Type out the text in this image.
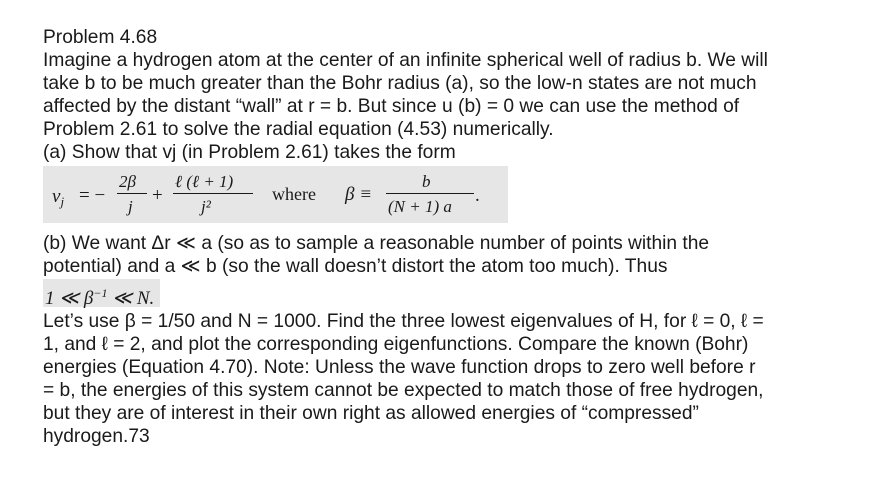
Problem 4.68
Imagine a hydrogen atom at the center of an infinite spherical well of radius b. We will
take b to be much greater than the Bohr radius (a), so the low-n states are not much
affected by the distant “wall” at r = b. But since u (b) = 0 we can use the method of
Problem 2.61 to solve the radial equation (4.53) numerically.
(a) Show that vj (in Problem 2.61) takes the form
$v_j$ = −
2β
j
+
ℓ (ℓ + 1)
j²
where β ≡
b
(N + 1) a
.
(b) We want Δr ≪ a (so as to sample a reasonable number of points within the
potential) and a ≪ b (so the wall doesn’t distort the atom too much). Thus
1 ≪ $\beta^{-1}$ ≪ N.
Let’s use β = 1/50 and N = 1000. Find the three lowest eigenvalues of H, for ℓ = 0, ℓ =
1, and ℓ = 2, and plot the corresponding eigenfunctions. Compare the known (Bohr)
energies (Equation 4.70). Note: Unless the wave function drops to zero well before r
= b, the energies of this system cannot be expected to match those of free hydrogen,
but they are of interest in their own right as allowed energies of “compressed”
hydrogen.73
